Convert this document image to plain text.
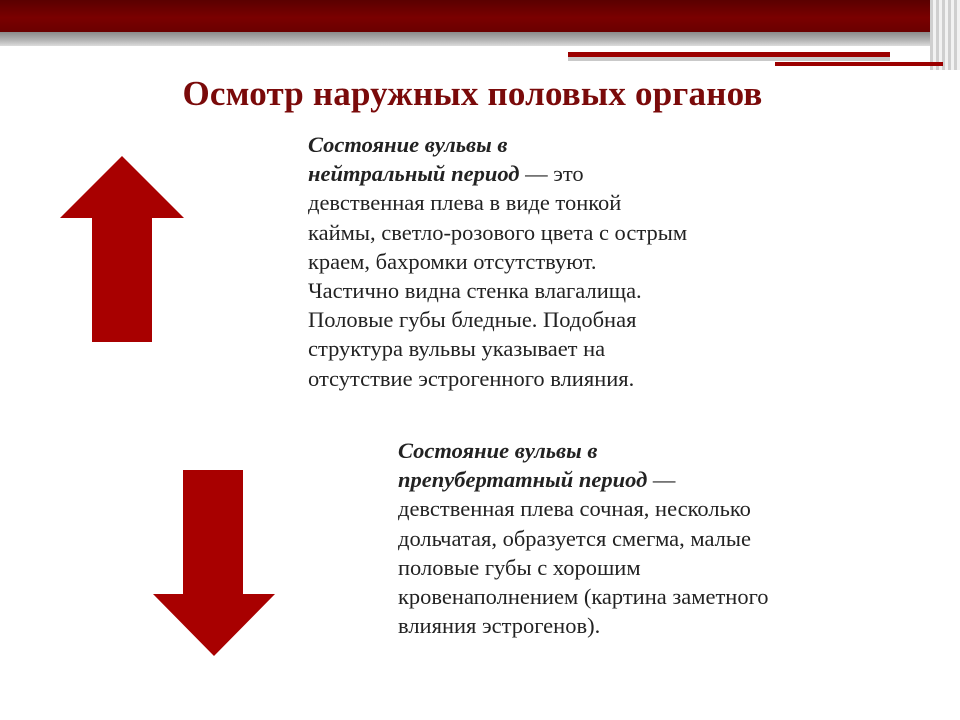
Осмотр наружных половых органов
Состояние вульвы в
нейтральный период — это
девственная плева в виде тонкой
каймы, светло-розового цвета с острым
краем, бахромки отсутствуют.
Частично видна стенка влагалища.
Половые губы бледные. Подобная
структура вульвы указывает на
отсутствие эстрогенного влияния.
Состояние вульвы в
препубертатный период —
девственная плева сочная, несколько
дольчатая, образуется смегма, малые
половые губы с хорошим
кровенаполнением (картина заметного
влияния эстрогенов).
